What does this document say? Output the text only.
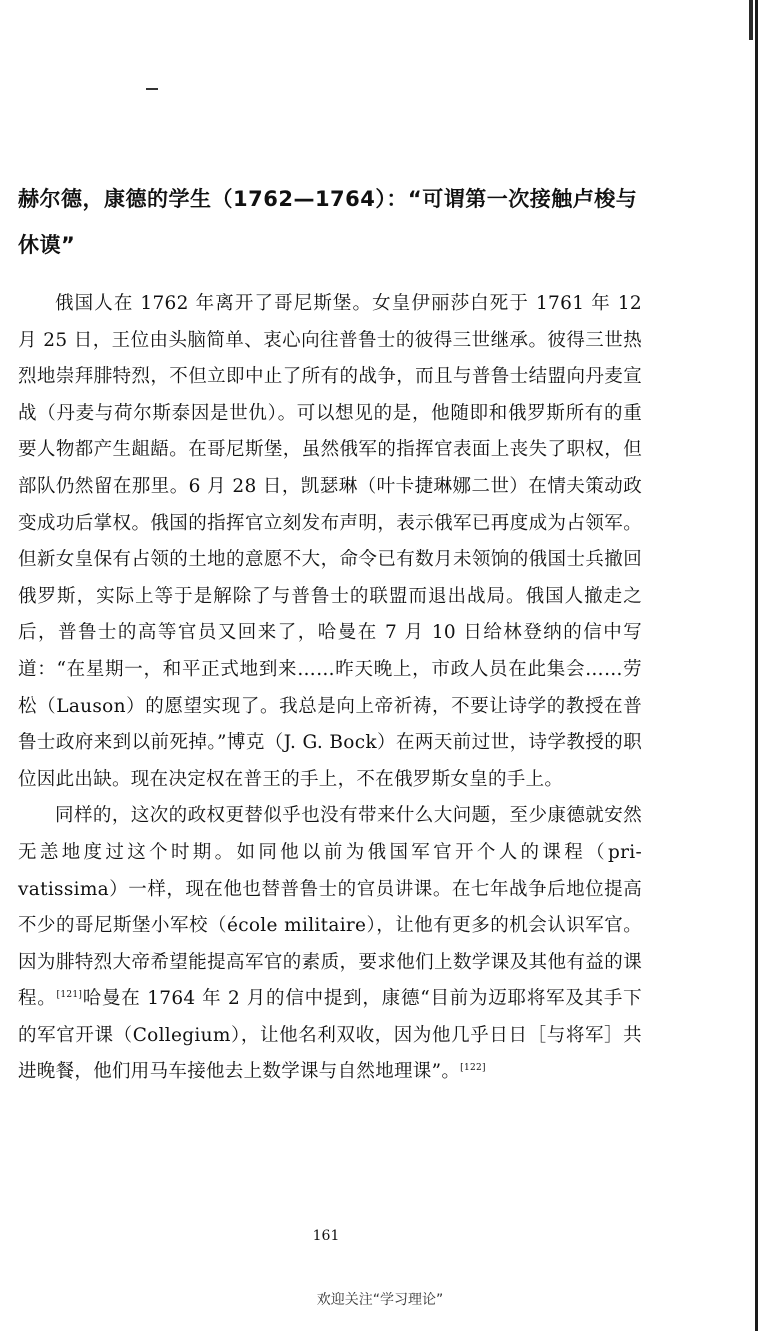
赫尔德，康德的学生（1762—1764）：“可谓第一次接触卢梭与休谟”

俄国人在 1762 年离开了哥尼斯堡。女皇伊丽莎白死于 1761 年 12 月 25 日，王位由头脑简单、衷心向往普鲁士的彼得三世继承。彼得三世热烈地崇拜腓特烈，不但立即中止了所有的战争，而且与普鲁士结盟向丹麦宣战（丹麦与荷尔斯泰因是世仇）。可以想见的是，他随即和俄罗斯所有的重要人物都产生龃龉。在哥尼斯堡，虽然俄军的指挥官表面上丧失了职权，但部队仍然留在那里。6 月 28 日，凯瑟琳（叶卡捷琳娜二世）在情夫策动政变成功后掌权。俄国的指挥官立刻发布声明，表示俄军已再度成为占领军。但新女皇保有占领的土地的意愿不大，命令已有数月未领饷的俄国士兵撤回俄罗斯，实际上等于是解除了与普鲁士的联盟而退出战局。俄国人撤走之后，普鲁士的高等官员又回来了，哈曼在 7 月 10 日给林登纳的信中写道：“在星期一，和平正式地到来……昨天晚上，市政人员在此集会……劳松（Lauson）的愿望实现了。我总是向上帝祈祷，不要让诗学的教授在普鲁士政府来到以前死掉。”博克（J. G. Bock）在两天前过世，诗学教授的职位因此出缺。现在决定权在普王的手上，不在俄罗斯女皇的手上。

同样的，这次的政权更替似乎也没有带来什么大问题，至少康德就安然无恙地度过这个时期。如同他以前为俄国军官开个人的课程（pri-vatissima）一样，现在他也替普鲁士的官员讲课。在七年战争后地位提高不少的哥尼斯堡小军校（école militaire），让他有更多的机会认识军官。因为腓特烈大帝希望能提高军官的素质，要求他们上数学课及其他有益的课程。[121]哈曼在 1764 年 2 月的信中提到，康德“目前为迈耶将军及其手下的军官开课（Collegium），让他名利双收，因为他几乎日日［与将军］共进晚餐，他们用马车接他去上数学课与自然地理课”。[122]

161
欢迎关注“学习理论”
